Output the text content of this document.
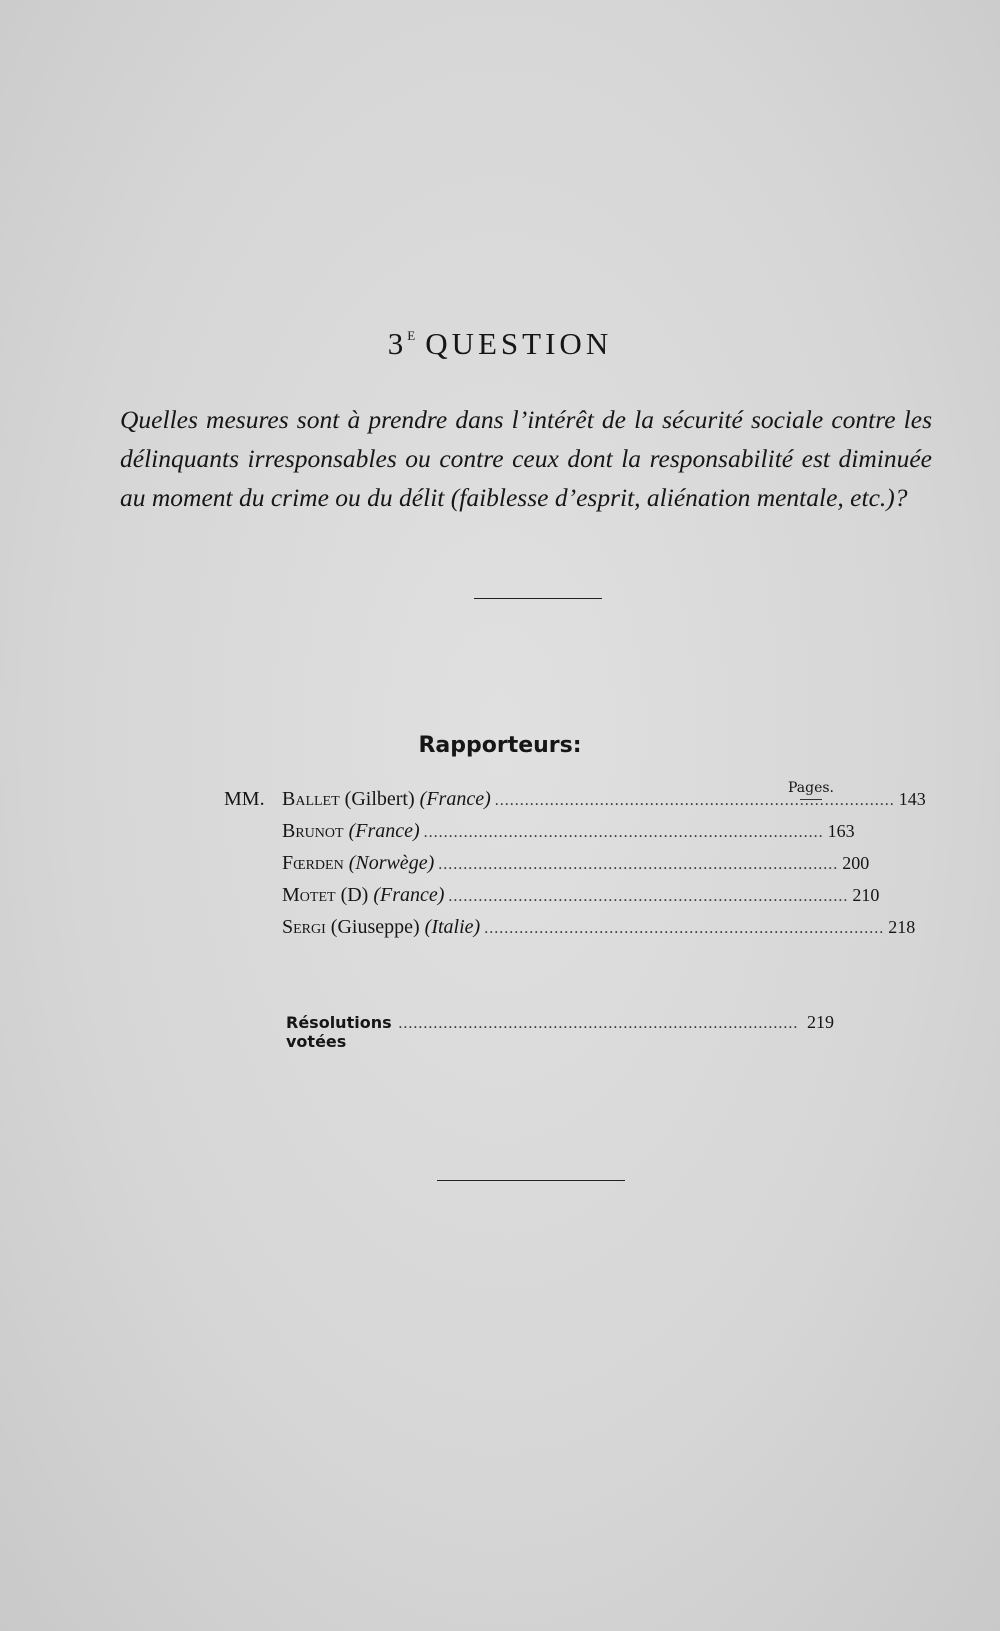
$3^E$ QUESTION
Quelles mesures sont à prendre dans l’intérêt de la sécurité sociale contre les délinquants irresponsables ou contre ceux dont la responsabilité est diminuée au moment du crime ou du délit (faiblesse d’esprit, aliénation mentale, etc.)?
Rapporteurs:
Pages.
MM. Ballet
(Gilbert)
(France) ................................................................................ 143
Brunot
(France) ................................................................................ 163
Fœrden
(Norwège) ................................................................................ 200
Motet
(D)
(France) ................................................................................ 210
Sergi
(Giuseppe)
(Italie) ................................................................................ 218
Résolutions votées
................................................................................ 219
